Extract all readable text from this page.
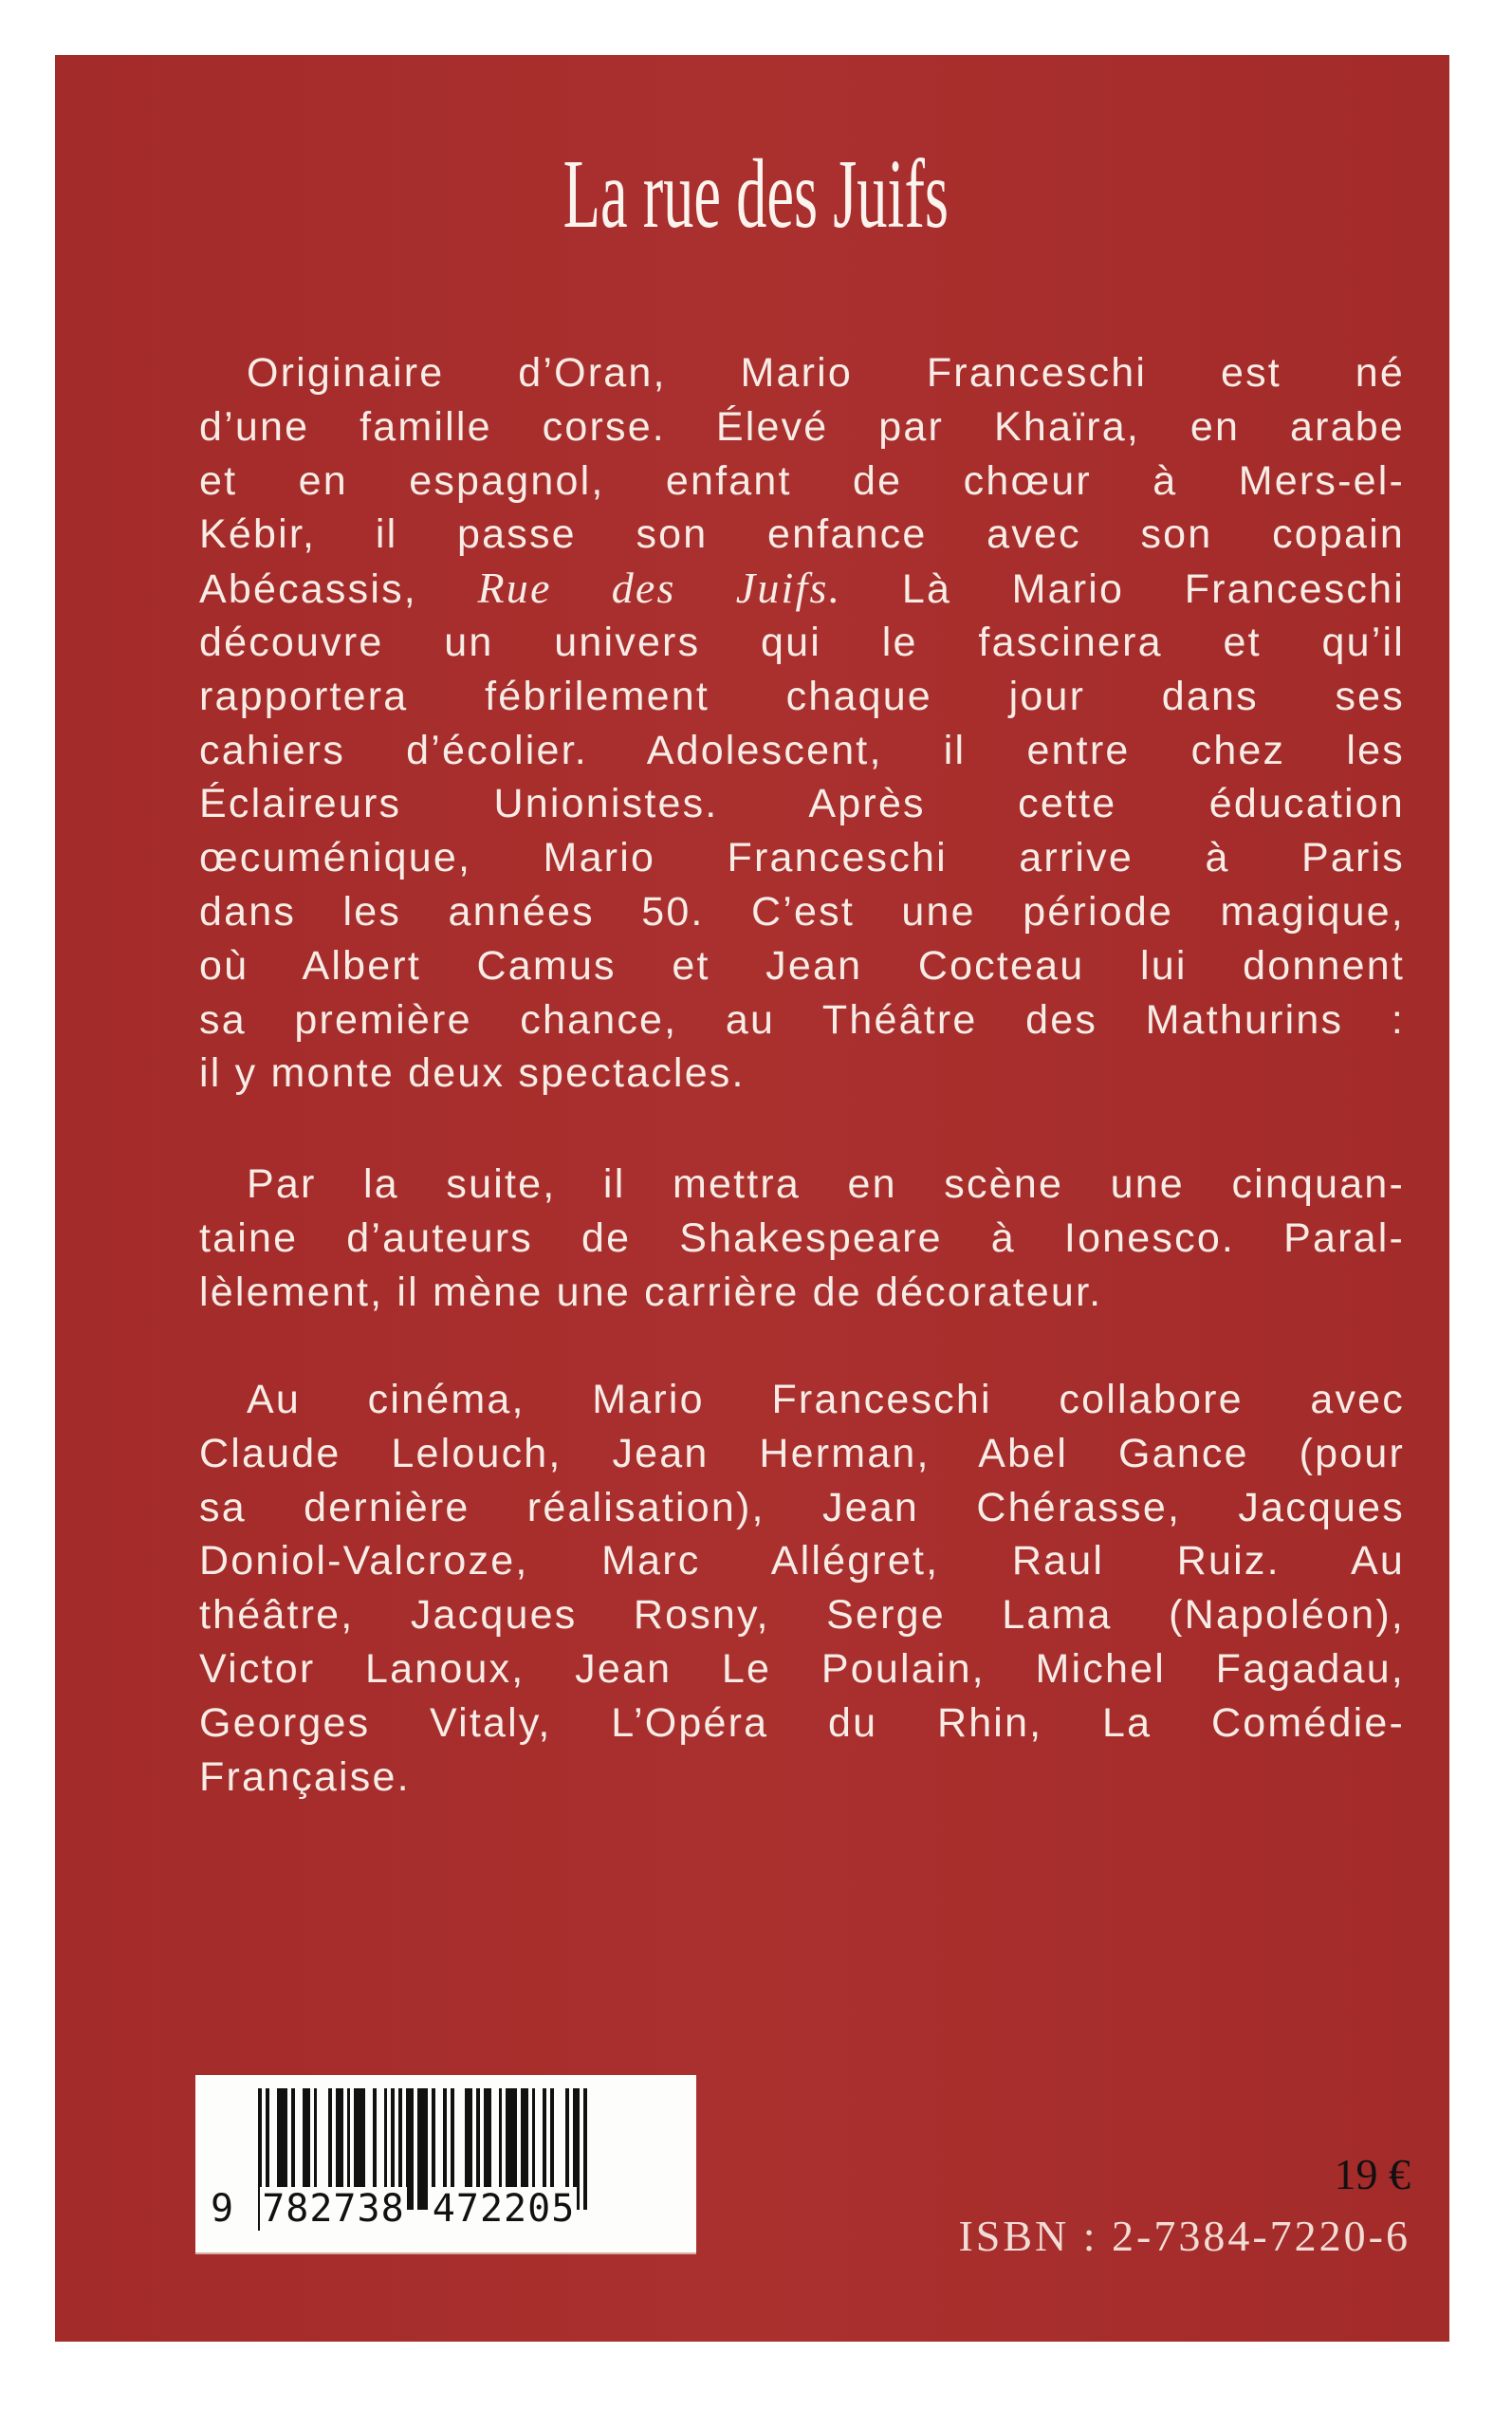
La rue des Juifs
Originaire d’Oran, Mario Franceschi est né
d’une famille corse. Élevé par Khaïra, en arabe
et en espagnol, enfant de chœur à Mers-el-
Kébir, il passe son enfance avec son copain
Abécassis, Rue des Juifs. Là Mario Franceschi
découvre un univers qui le fascinera et qu’il
rapportera fébrilement chaque jour dans ses
cahiers d’écolier. Adolescent, il entre chez les
Éclaireurs Unionistes. Après cette éducation
œcuménique, Mario Franceschi arrive à Paris
dans les années 50. C’est une période magique,
où Albert Camus et Jean Cocteau lui donnent
sa première chance, au Théâtre des Mathurins :
il y monte deux spectacles.
Par la suite, il mettra en scène une cinquan-
taine d’auteurs de Shakespeare à Ionesco. Paral-
lèlement, il mène une carrière de décorateur.
Au cinéma, Mario Franceschi collabore avec
Claude Lelouch, Jean Herman, Abel Gance (pour
sa dernière réalisation), Jean Chérasse, Jacques
Doniol-Valcroze, Marc Allégret, Raul Ruiz. Au
théâtre, Jacques Rosny, Serge Lama (Napoléon),
Victor Lanoux, Jean Le Poulain, Michel Fagadau,
Georges Vitaly, L’Opéra du Rhin, La Comédie-
Française.
9 782738 472205
19 €
ISBN : 2-7384-7220-6
